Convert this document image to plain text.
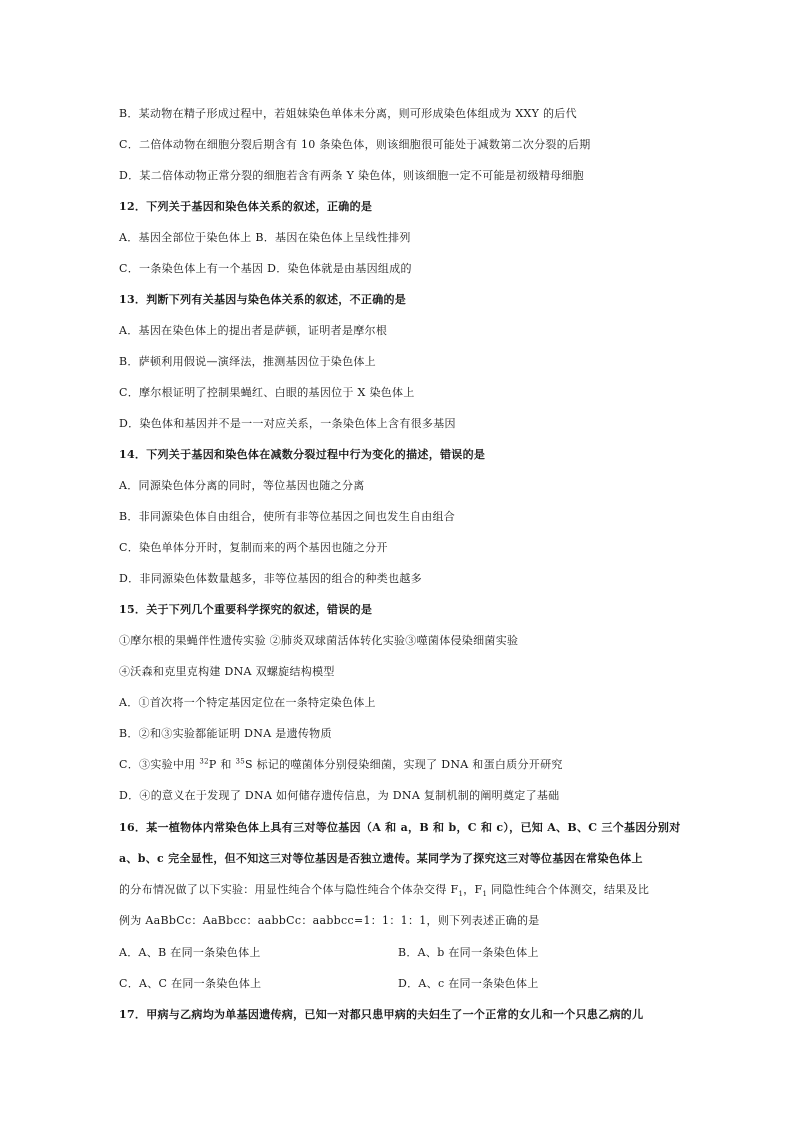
B．某动物在精子形成过程中，若姐妹染色单体未分离，则可形成染色体组成为 XXY 的后代
C．二倍体动物在细胞分裂后期含有 10 条染色体，则该细胞很可能处于减数第二次分裂的后期
D．某二倍体动物正常分裂的细胞若含有两条 Y 染色体，则该细胞一定不可能是初级精母细胞
12．下列关于基因和染色体关系的叙述，正确的是
A．基因全部位于染色体上 B．基因在染色体上呈线性排列
C．一条染色体上有一个基因 D．染色体就是由基因组成的
13．判断下列有关基因与染色体关系的叙述，不正确的是
A．基因在染色体上的提出者是萨顿，证明者是摩尔根
B．萨顿利用假说—演绎法，推测基因位于染色体上
C．摩尔根证明了控制果蝇红、白眼的基因位于 X 染色体上
D．染色体和基因并不是一一对应关系，一条染色体上含有很多基因
14．下列关于基因和染色体在减数分裂过程中行为变化的描述，错误的是
A．同源染色体分离的同时，等位基因也随之分离
B．非同源染色体自由组合，使所有非等位基因之间也发生自由组合
C．染色单体分开时，复制而来的两个基因也随之分开
D．非同源染色体数量越多，非等位基因的组合的种类也越多
15．关于下列几个重要科学探究的叙述，错误的是
①摩尔根的果蝇伴性遗传实验 ②肺炎双球菌活体转化实验③噬菌体侵染细菌实验
④沃森和克里克构建 DNA 双螺旋结构模型
A．①首次将一个特定基因定位在一条特定染色体上
B．②和③实验都能证明 DNA 是遗传物质
C．③实验中用 $^{32}$P 和 $^{35}$S 标记的噬菌体分别侵染细菌，实现了 DNA 和蛋白质分开研究
D．④的意义在于发现了 DNA 如何储存遗传信息，为 DNA 复制机制的阐明奠定了基础
16．某一植物体内常染色体上具有三对等位基因（A 和 a，B 和 b，C 和 c），已知 A、B、C 三个基因分别对
a、b、c 完全显性，但不知这三对等位基因是否独立遗传。某同学为了探究这三对等位基因在常染色体上
的分布情况做了以下实验：用显性纯合个体与隐性纯合个体杂交得 $F_1$，$F_1$ 同隐性纯合个体测交，结果及比
例为 AaBbCc：AaBbcc：aabbCc：aabbcc=1：1：1：1，则下列表述正确的是
A．A、B 在同一条染色体上	B．A、b 在同一条染色体上
C．A、C 在同一条染色体上	D．A、c 在同一条染色体上
17．甲病与乙病均为单基因遗传病，已知一对都只患甲病的夫妇生了一个正常的女儿和一个只患乙病的儿
